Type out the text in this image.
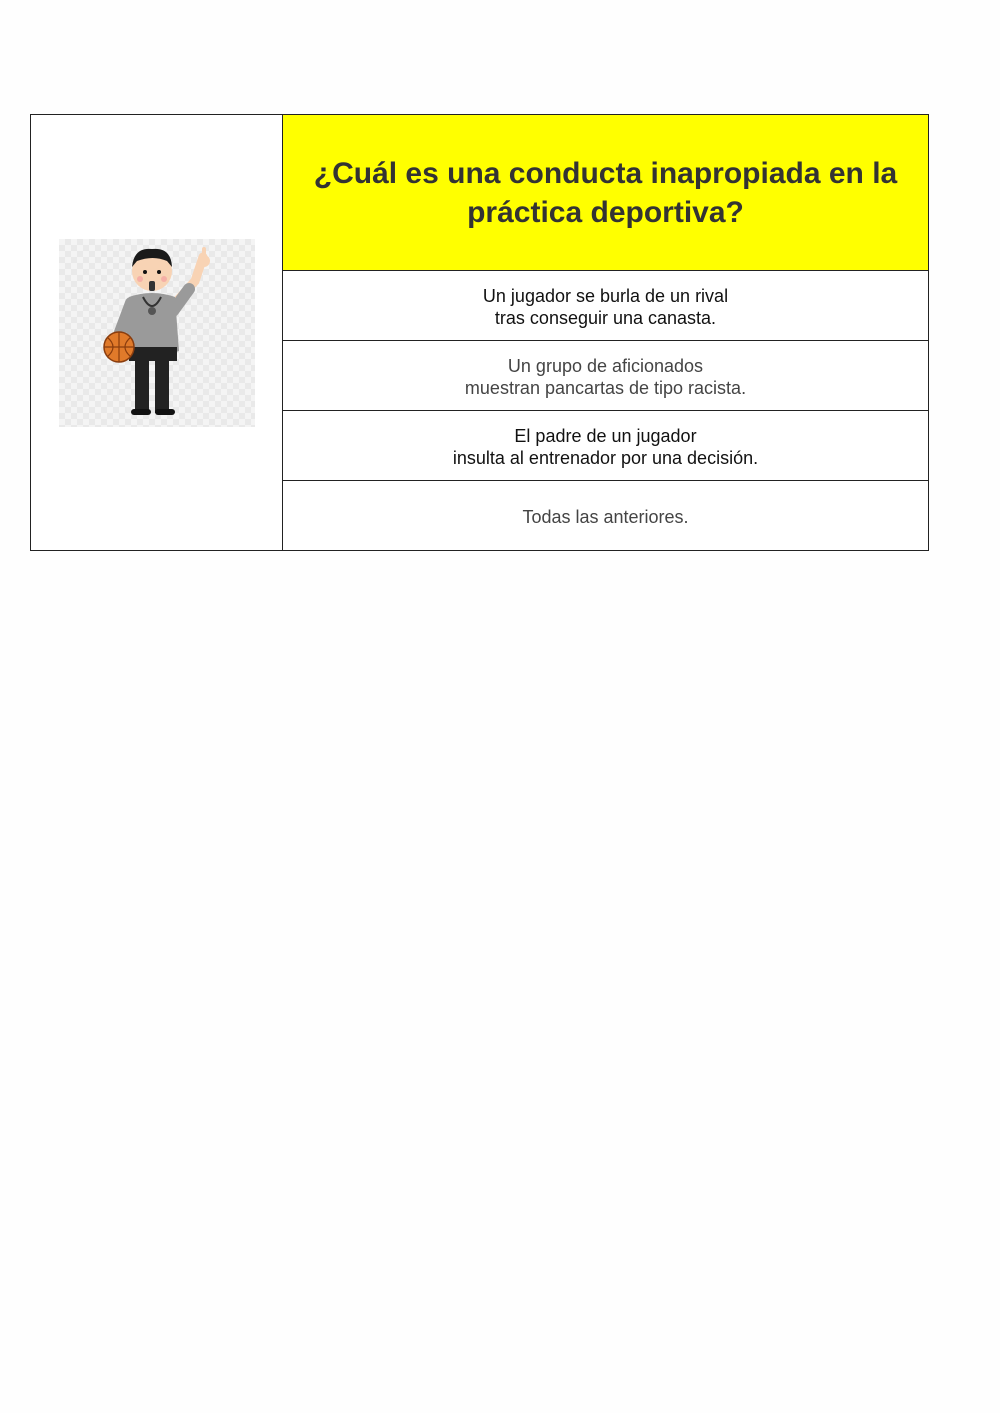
¿Cuál es una conducta inapropiada en la práctica deportiva?
Un jugador se burla de un rival
tras conseguir una canasta.
Un grupo de aficionados
muestran pancartas de tipo racista.
El padre de un jugador
insulta al entrenador por una decisión.
Todas las anteriores.
